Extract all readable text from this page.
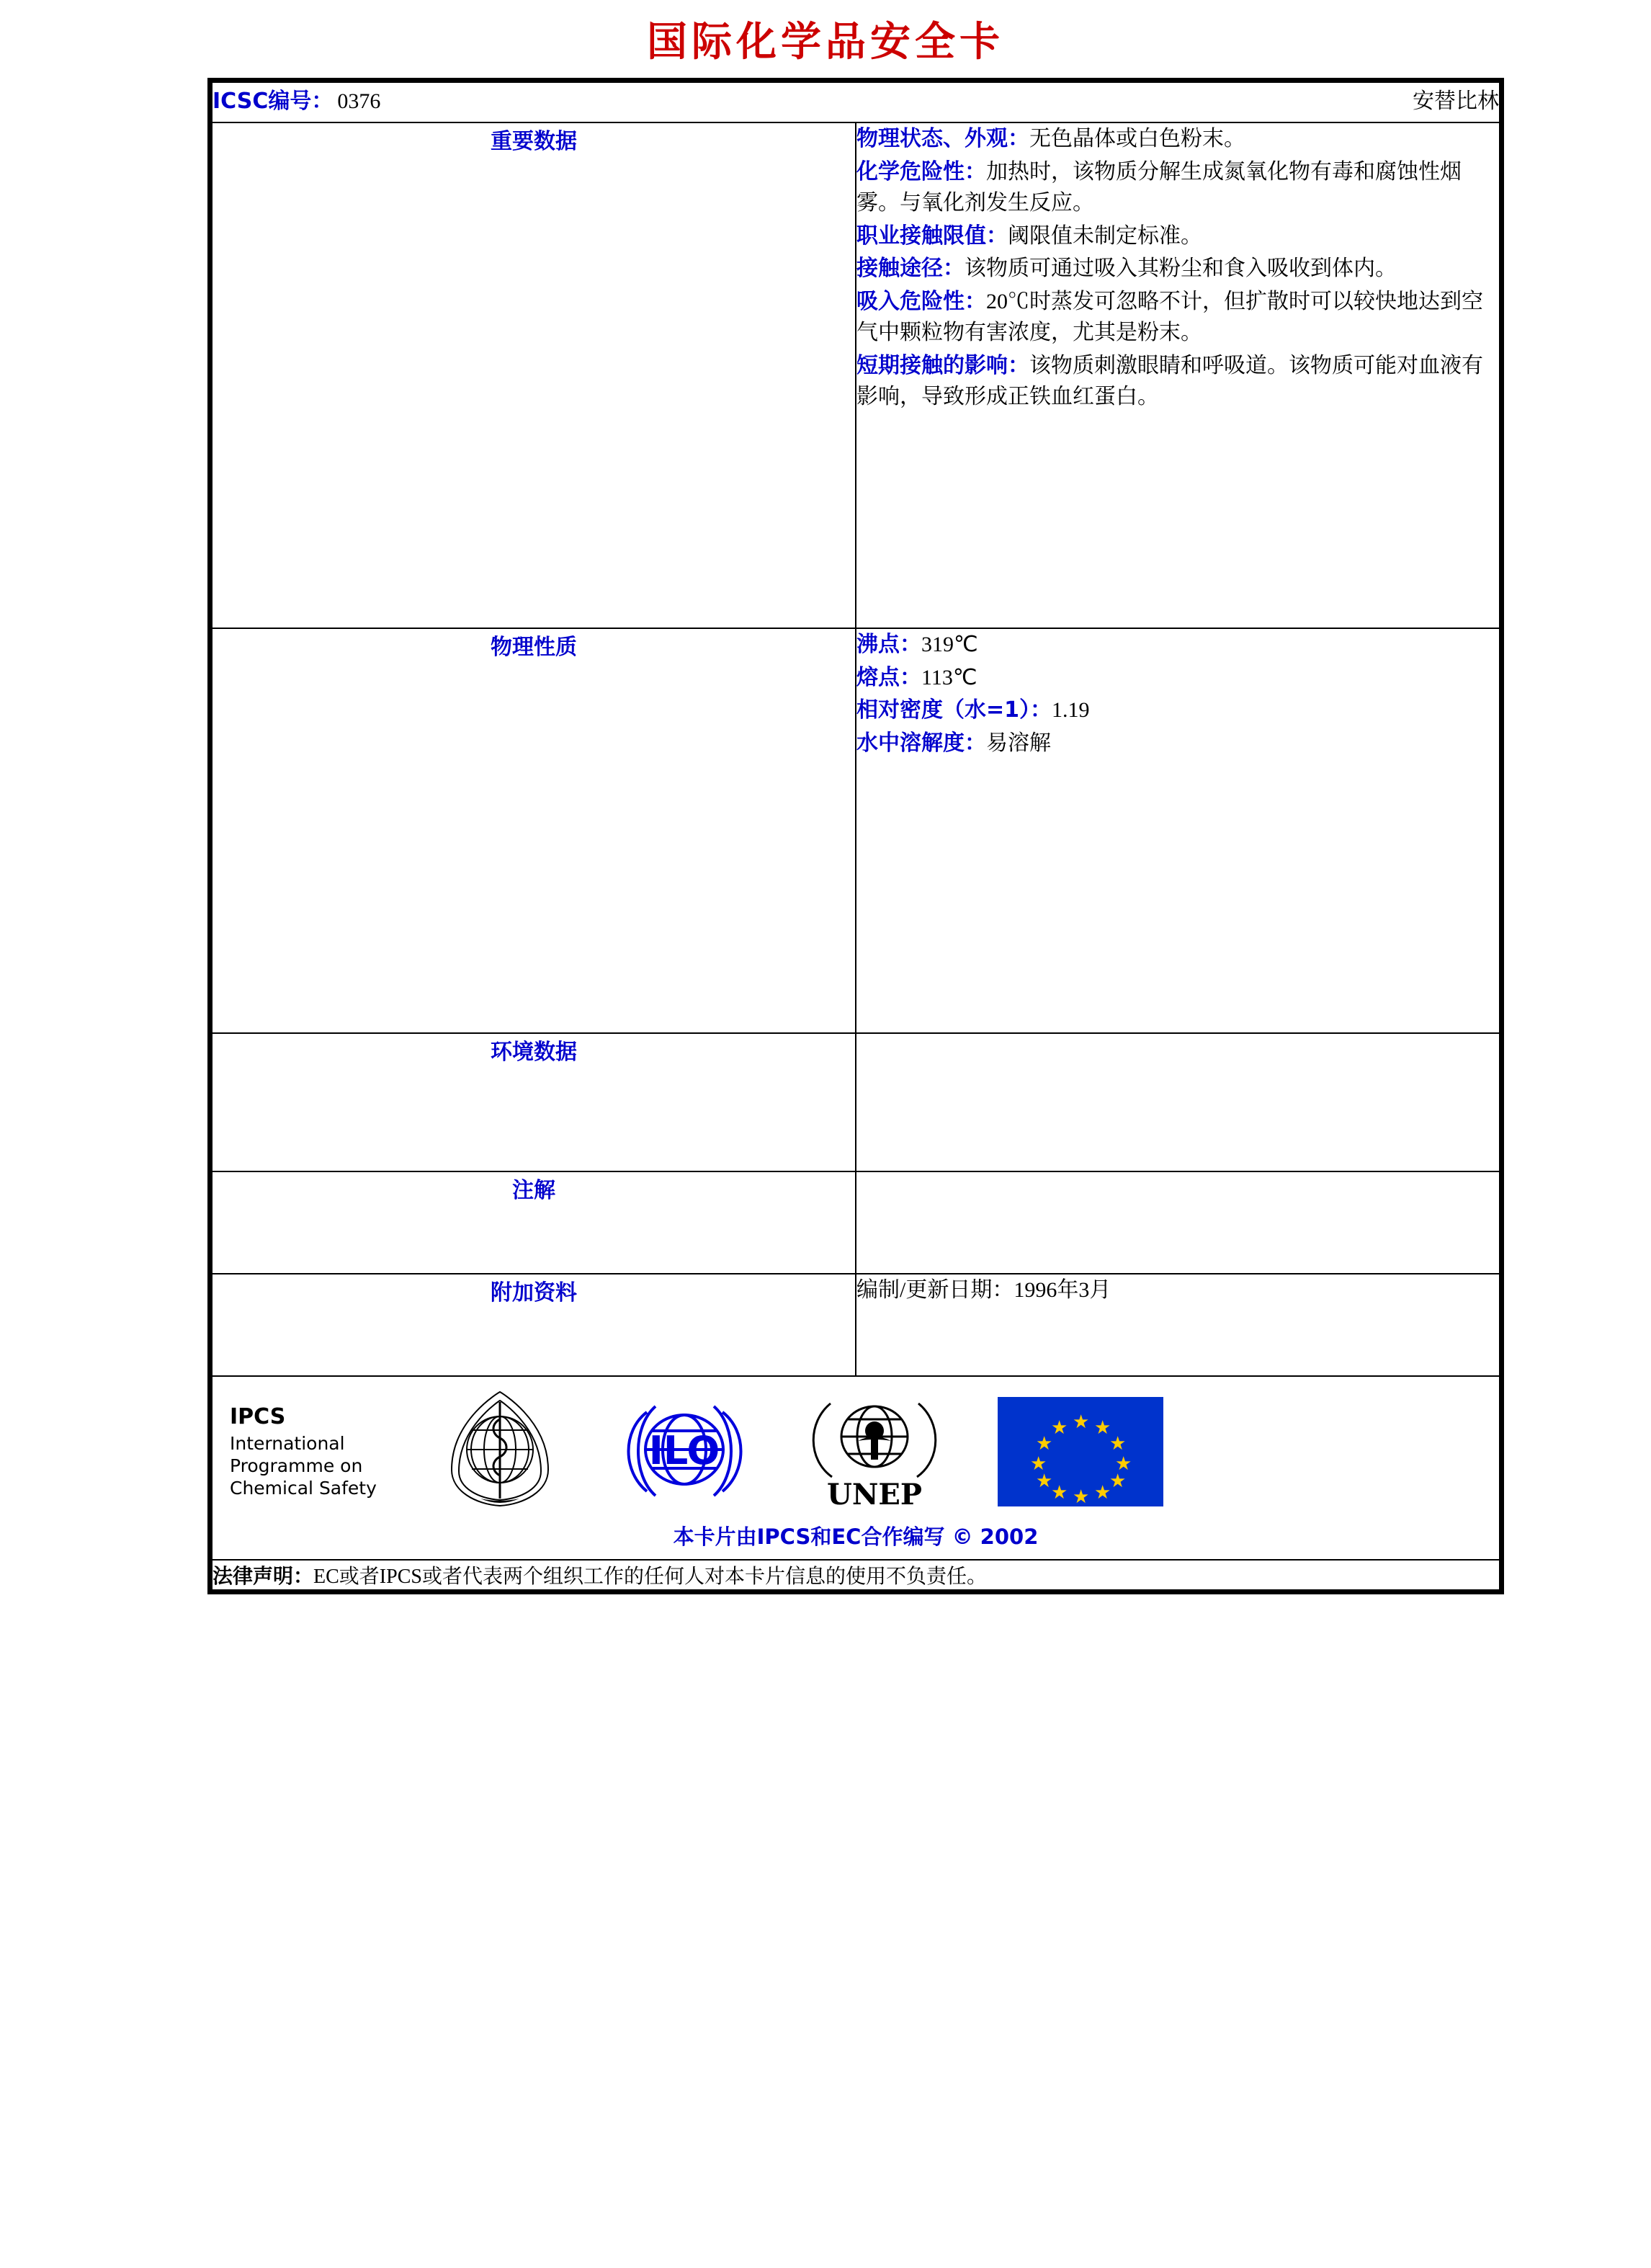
国际化学品安全卡
ICSC编号： 0376 安替比林	

重要数据	物理状态、外观：无色晶体或白色粉末。

化学危险性：加热时，该物质分解生成氮氧化物有毒和腐蚀性烟雾。与氧化剂发生反应。

职业接触限值：阈限值未制定标准。

接触途径：该物质可通过吸入其粉尘和食入吸收到体内。

吸入危险性：20℃时蒸发可忽略不计，但扩散时可以较快地达到空气中颗粒物有害浓度，尤其是粉末。

短期接触的影响：该物质刺激眼睛和呼吸道。该物质可能对血液有影响，导致形成正铁血红蛋白。

物理性质	沸点：319℃

熔点：113℃

相对密度（水=1）：1.19

水中溶解度：易溶解

环境数据	
注解	
附加资料	编制/更新日期：1996年3月

IPCS
International
Programme on
Chemical Safety
ILO
UNEP
★
★ ★
★	★
★	★
★	★
★ ★
★
本卡片由IPCS和EC合作编写 © 2002

法律声明：EC或者IPCS或者代表两个组织工作的任何人对本卡片信息的使用不负责任。	
